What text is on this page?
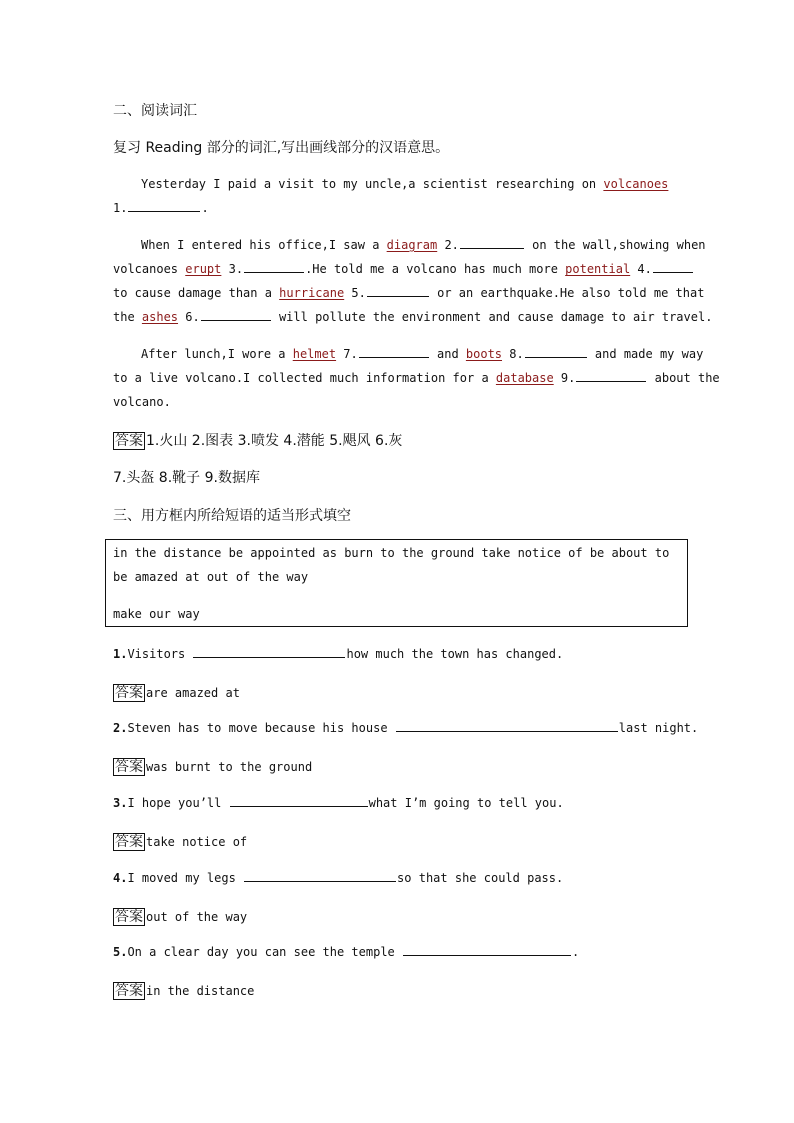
二、阅读词汇
复习 Reading 部分的词汇,写出画线部分的汉语意思。
Yesterday I paid a visit to my uncle,a scientist researching on volcanoes
1.	.
When I entered his office,I saw a diagram 2.	on the wall,showing when
volcanoes erupt 3.	.He told me a volcano has much more potential 4.
to cause damage than a hurricane 5.	or an earthquake.He also told me that
the ashes 6.	will pollute the environment and cause damage to air travel.
After lunch,I wore a helmet 7.	and boots 8.	and made my way
to a live volcano.I collected much information for a database 9.	about the
volcano.
答案 1.火山 2.图表 3.喷发 4.潜能 5.飓风 6.灰
7.头盔 8.靴子 9.数据库
三、用方框内所给短语的适当形式填空
in the distance be appointed as burn to the ground take notice of be about to
be amazed at out of the way
make our way
1.Visitors	how much the town has changed.
答案 are amazed at
2.Steven has to move because his house	last night.
答案 was burnt to the ground
3.I hope you’ll	what I’m going to tell you.
答案 take notice of
4.I moved my legs	so that she could pass.
答案 out of the way
5.On a clear day you can see the temple	.
答案 in the distance
